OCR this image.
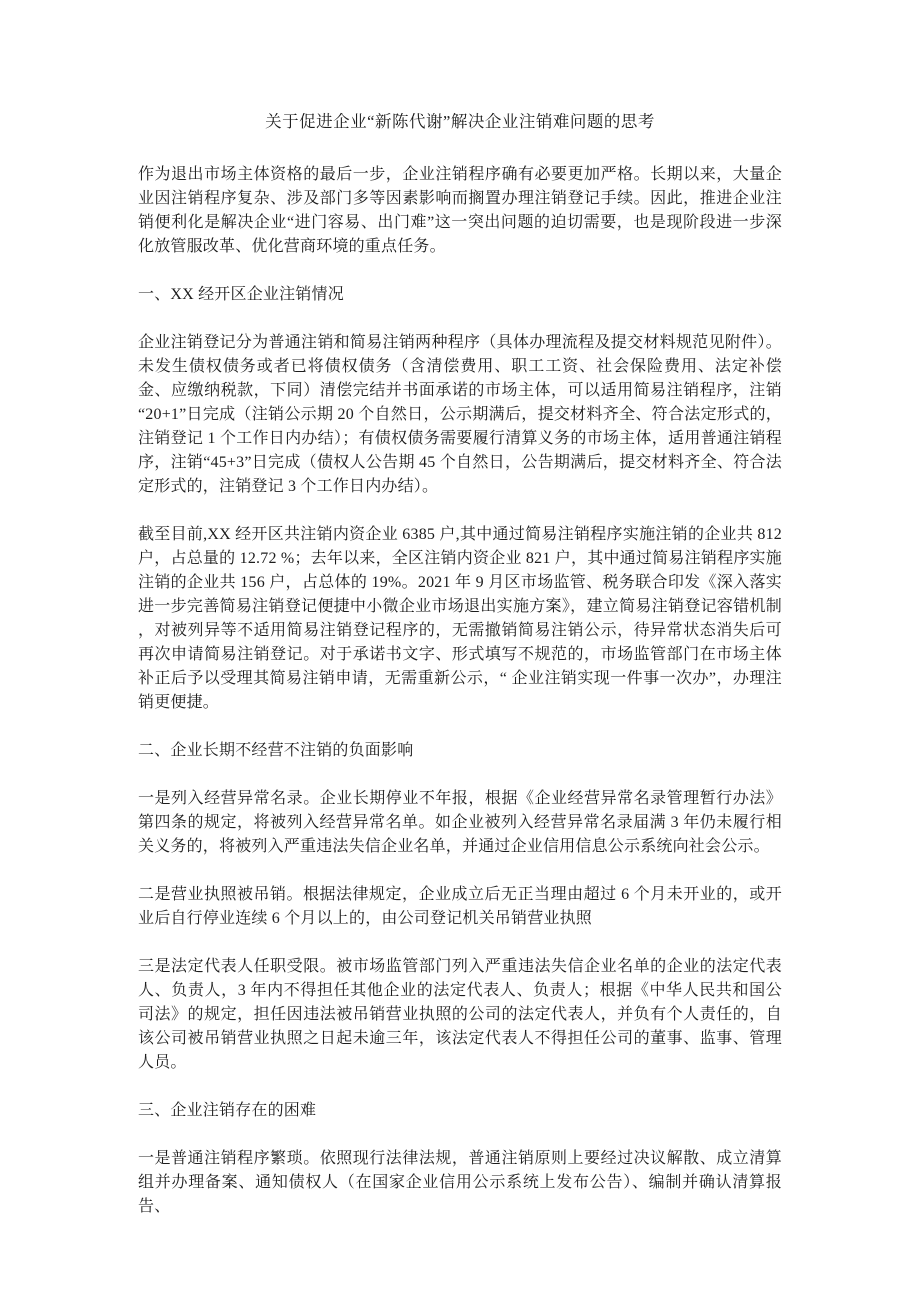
关于促进企业“新陈代谢”解决企业注销难问题的思考

作为退出市场主体资格的最后一步，企业注销程序确有必要更加严格。长期以来，大量企业因注销程序复杂、涉及部门多等因素影响而搁置办理注销登记手续。因此，推进企业注销便利化是解决企业“进门容易、出门难”这一突出问题的迫切需要，也是现阶段进一步深化放管服改革、优化营商环境的重点任务。

一、XX 经开区企业注销情况

企业注销登记分为普通注销和简易注销两种程序（具体办理流程及提交材料规范见附件）。未发生债权债务或者已将债权债务（含清偿费用、职工工资、社会保险费用、法定补偿金、应缴纳税款，下同）清偿完结并书面承诺的市场主体，可以适用简易注销程序，注销“20+1”日完成（注销公示期 20 个自然日，公示期满后，提交材料齐全、符合法定形式的，注销登记 1 个工作日内办结）；有债权债务需要履行清算义务的市场主体，适用普通注销程序，注销“45+3”日完成（债权人公告期 45 个自然日，公告期满后，提交材料齐全、符合法定形式的，注销登记 3 个工作日内办结）。

截至目前,XX 经开区共注销内资企业 6385 户,其中通过简易注销程序实施注销的企业共 812 户，占总量的 12.72 %；去年以来，全区注销内资企业 821 户，其中通过简易注销程序实施注销的企业共 156 户，占总体的 19%。2021 年 9 月区市场监管、税务联合印发《深入落实进一步完善简易注销登记便捷中小微企业市场退出实施方案》，建立简易注销登记容错机制 ，对被列异等不适用简易注销登记程序的，无需撤销简易注销公示，待异常状态消失后可再次申请简易注销登记。对于承诺书文字、形式填写不规范的，市场监管部门在市场主体补正后予以受理其简易注销申请，无需重新公示，“ 企业注销实现一件事一次办”，办理注销更便捷。

二、企业长期不经营不注销的负面影响

一是列入经营异常名录。企业长期停业不年报，根据《企业经营异常名录管理暂行办法》第四条的规定，将被列入经营异常名单。如企业被列入经营异常名录届满 3 年仍未履行相关义务的，将被列入严重违法失信企业名单，并通过企业信用信息公示系统向社会公示。

二是营业执照被吊销。根据法律规定，企业成立后无正当理由超过 6 个月未开业的，或开业后自行停业连续 6 个月以上的，由公司登记机关吊销营业执照

三是法定代表人任职受限。被市场监管部门列入严重违法失信企业名单的企业的法定代表人、负责人，3 年内不得担任其他企业的法定代表人、负责人；根据《中华人民共和国公司法》的规定，担任因违法被吊销营业执照的公司的法定代表人，并负有个人责任的，自该公司被吊销营业执照之日起未逾三年，该法定代表人不得担任公司的董事、监事、管理人员。

三、企业注销存在的困难

一是普通注销程序繁琐。依照现行法律法规，普通注销原则上要经过决议解散、成立清算组并办理备案、通知债权人（在国家企业信用公示系统上发布公告）、编制并确认清算报告、
